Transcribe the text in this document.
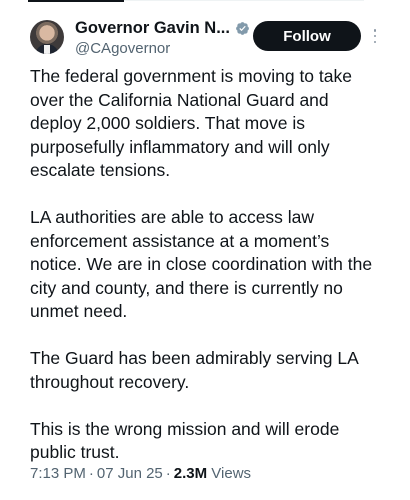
Governor Gavin N...
@CAgovernor
Follow

The federal government is moving to take over the California National Guard and deploy 2,000 soldiers. That move is purposefully inflammatory and will only escalate tensions.

LA authorities are able to access law enforcement assistance at a moment’s notice. We are in close coordination with the city and county, and there is currently no unmet need.

The Guard has been admirably serving LA throughout recovery.

This is the wrong mission and will erode public trust.

7:13 PM · 07 Jun 25 · 2.3M Views
